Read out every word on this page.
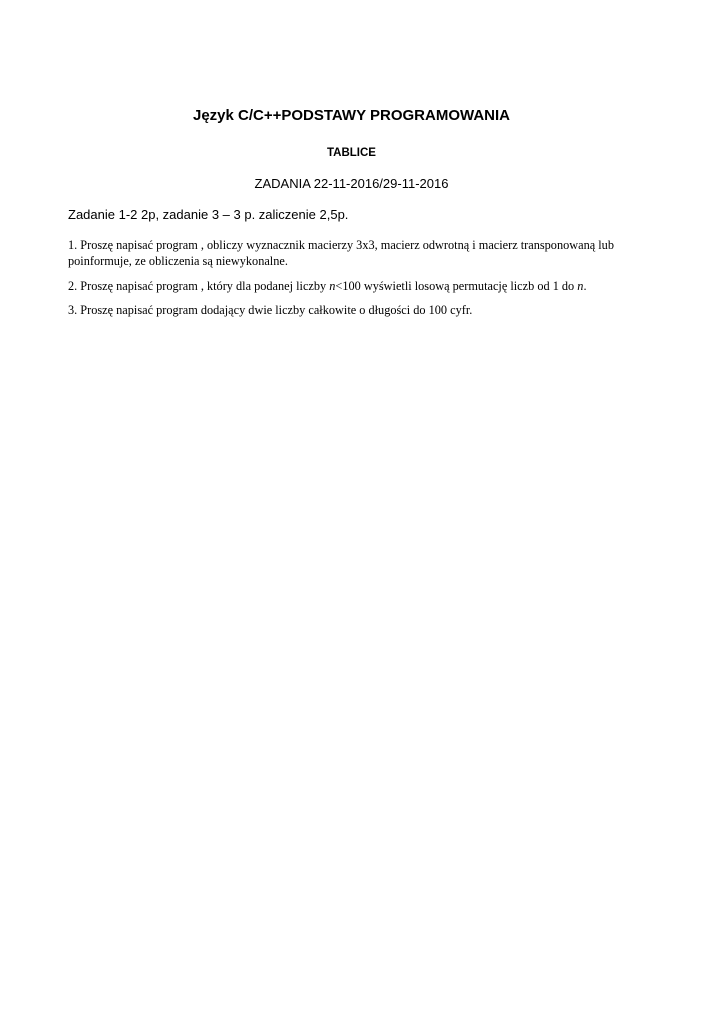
Język C/C++PODSTAWY PROGRAMOWANIA
TABLICE
ZADANIA 22-11-2016/29-11-2016
Zadanie 1-2 2p, zadanie 3 – 3 p. zaliczenie 2,5p.

1. Proszę napisać program , obliczy wyznacznik macierzy 3x3, macierz odwrotną i macierz transponowaną lub poinformuje, ze obliczenia są niewykonalne.

2. Proszę napisać program , który dla podanej liczby n<100 wyświetli losową permutację liczb od 1 do n.

3. Proszę napisać program dodający dwie liczby całkowite o długości do 100 cyfr.
